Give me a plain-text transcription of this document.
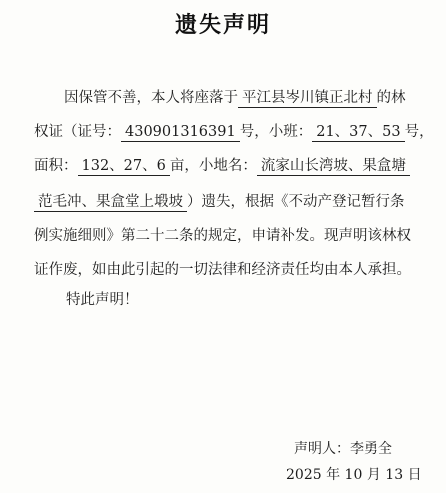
遗失声明
因保管不善，本人将座落于 平江县岑川镇正北村 的林
权证（证号： 430901316391 号，小班： 21、37、53 号，
面积： 132、27、6 亩，小地名： 流家山长湾坡、果盒塘
范毛冲、果盒堂上塅坡 ）遗失，根据《不动产登记暂行条
例实施细则》第二十二条的规定，申请补发。现声明该林权
证作废，如由此引起的一切法律和经济责任均由本人承担。
特此声明！
声明人：李勇全
2025 年 10 月 13 日
